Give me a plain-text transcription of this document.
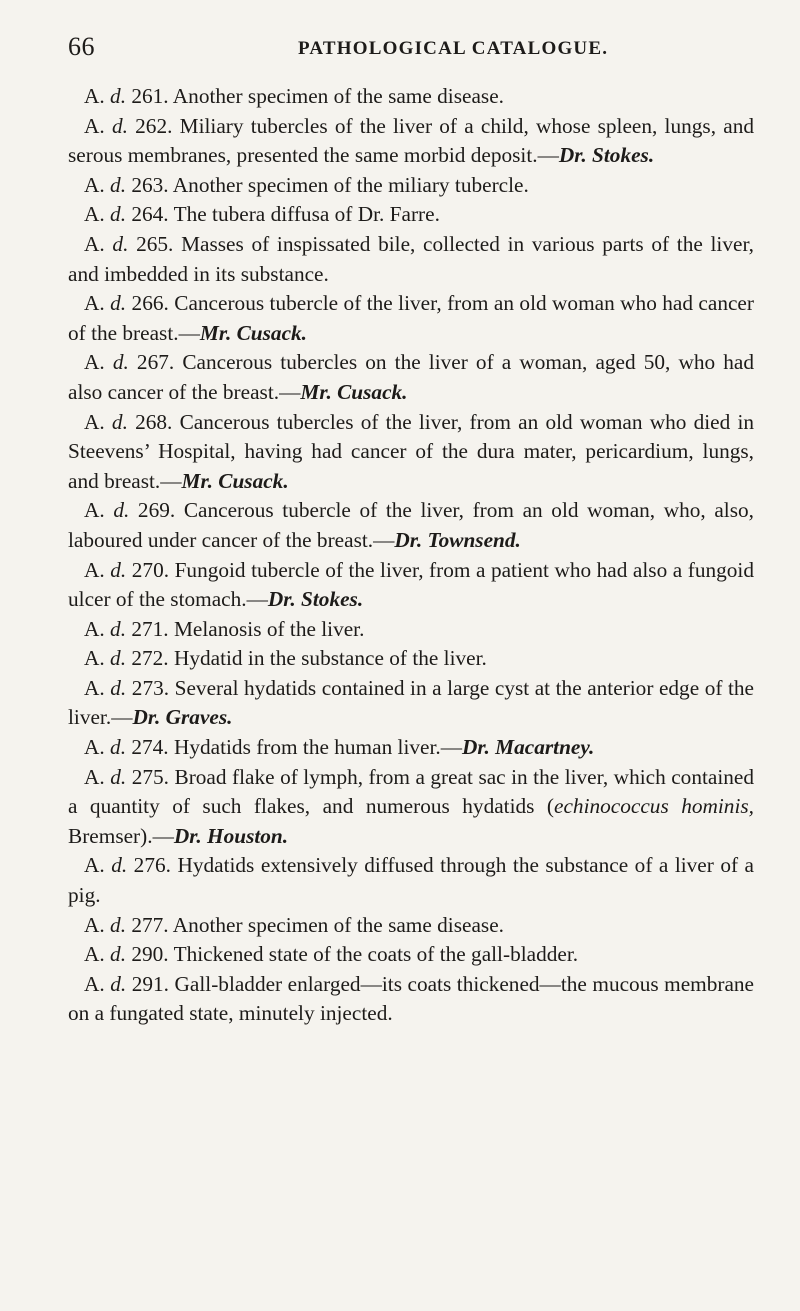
66	PATHOLOGICAL CATALOGUE.

A. d. 261. Another specimen of the same disease.

A. d. 262. Miliary tubercles of the liver of a child, whose spleen, lungs, and serous membranes, presented the same morbid deposit.—Dr. Stokes.

A. d. 263. Another specimen of the miliary tubercle.

A. d. 264. The tubera diffusa of Dr. Farre.

A. d. 265. Masses of inspissated bile, collected in various parts of the liver, and imbedded in its substance.

A. d. 266. Cancerous tubercle of the liver, from an old woman who had cancer of the breast.—Mr. Cusack.

A. d. 267. Cancerous tubercles on the liver of a woman, aged 50, who had also cancer of the breast.—Mr. Cusack.

A. d. 268. Cancerous tubercles of the liver, from an old woman who died in Steevens’ Hospital, having had cancer of the dura mater, pericardium, lungs, and breast.—Mr. Cusack.

A. d. 269. Cancerous tubercle of the liver, from an old woman, who, also, laboured under cancer of the breast.—Dr. Townsend.

A. d. 270. Fungoid tubercle of the liver, from a patient who had also a fungoid ulcer of the stomach.—Dr. Stokes.

A. d. 271. Melanosis of the liver.

A. d. 272. Hydatid in the substance of the liver.

A. d. 273. Several hydatids contained in a large cyst at the anterior edge of the liver.—Dr. Graves.

A. d. 274. Hydatids from the human liver.—Dr. Macartney.

A. d. 275. Broad flake of lymph, from a great sac in the liver, which contained a quantity of such flakes, and numerous hydatids (echinococcus hominis, Bremser).—Dr. Houston.

A. d. 276. Hydatids extensively diffused through the substance of a liver of a pig.

A. d. 277. Another specimen of the same disease.

A. d. 290. Thickened state of the coats of the gall-bladder.

A. d. 291. Gall-bladder enlarged—its coats thickened—the mucous membrane on a fungated state, minutely injected.
